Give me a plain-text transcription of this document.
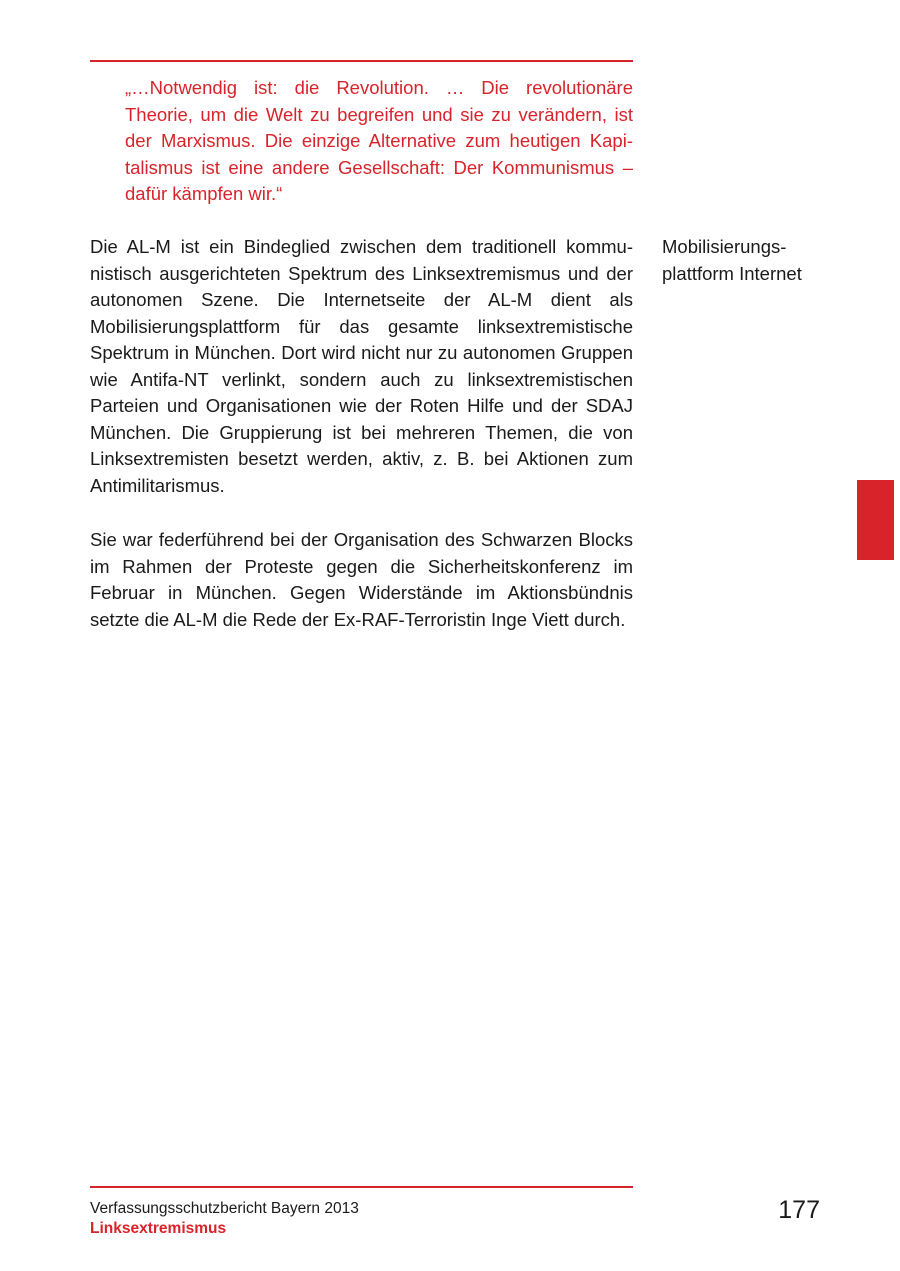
„…Notwendig ist: die Revolution. … Die revolutionäre Theorie, um die Welt zu begreifen und sie zu verändern, ist der Marxismus. Die einzige Alternative zum heutigen Kapitalismus ist eine andere Gesellschaft: Der Kommunismus – dafür kämpfen wir.“

Die AL-M ist ein Bindeglied zwischen dem traditionell kommunistisch ausgerichteten Spektrum des Linksextremismus und der autonomen Szene. Die Internetseite der AL-M dient als Mobilisierungsplattform für das gesamte linksextremistische Spektrum in München. Dort wird nicht nur zu autonomen Gruppen wie Antifa-NT verlinkt, sondern auch zu linksextremistischen Parteien und Organisationen wie der Roten Hilfe und der SDAJ München. Die Gruppierung ist bei mehreren Themen, die von Linksextremisten besetzt werden, aktiv, z. B. bei Aktionen zum Antimilitarismus.

Sie war federführend bei der Organisation des Schwarzen Blocks im Rahmen der Proteste gegen die Sicherheitskonferenz im Februar in München. Gegen Widerstände im Aktionsbündnis setzte die AL-M die Rede der Ex-RAF-Terroristin Inge Viett durch.

Mobilisierungs-
plattform Internet
Verfassungsschutzbericht Bayern 2013
Linksextremismus
177
